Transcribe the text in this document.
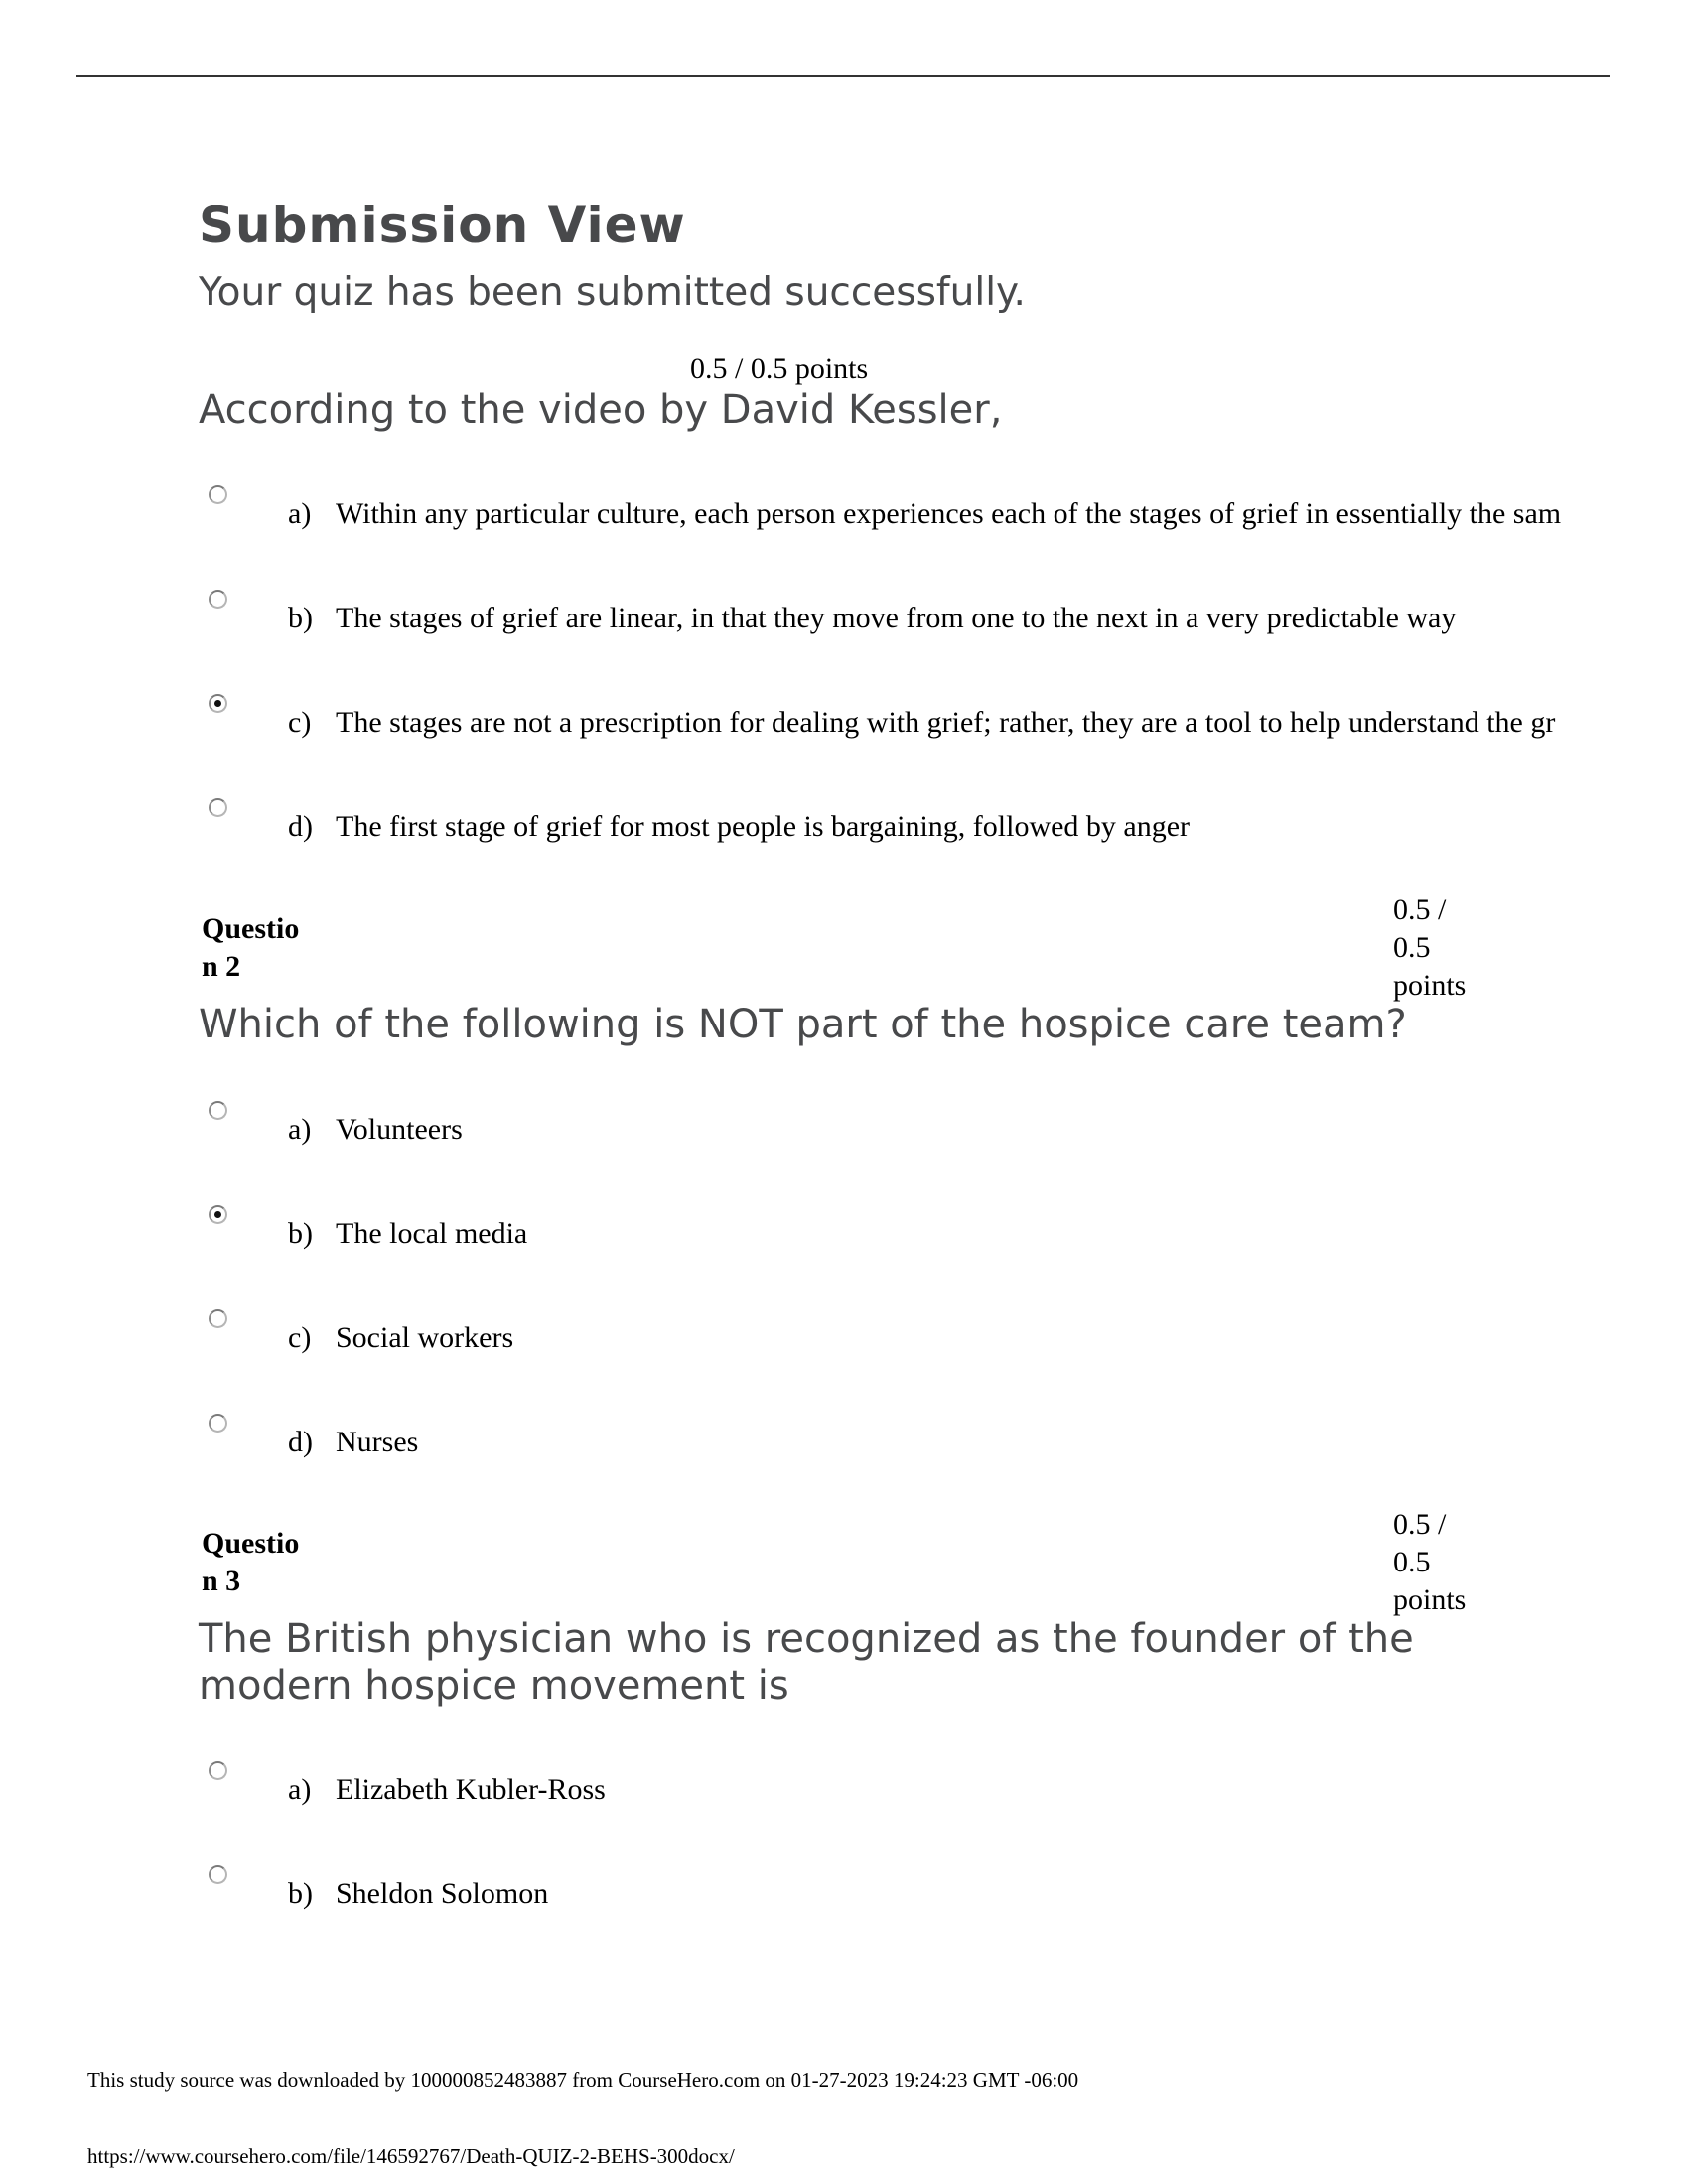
Submission View
Your quiz has been submitted successfully.
0.5 / 0.5 points
According to the video by David Kessler,
a) Within any particular culture, each person experiences each of the stages of grief in essentially the sam
b) The stages of grief are linear, in that they move from one to the next in a very predictable way
c) The stages are not a prescription for dealing with grief; rather, they are a tool to help understand the gr
d) The first stage of grief for most people is bargaining, followed by anger
Question 2
0.5 / 0.5 points
Which of the following is NOT part of the hospice care team?
a) Volunteers
b) The local media
c) Social workers
d) Nurses
Question 3
0.5 / 0.5 points
The British physician who is recognized as the founder of the modern hospice movement is
a) Elizabeth Kubler-Ross
b) Sheldon Solomon
This study source was downloaded by 100000852483887 from CourseHero.com on 01-27-2023 19:24:23 GMT -06:00
https://www.coursehero.com/file/146592767/Death-QUIZ-2-BEHS-300docx/
